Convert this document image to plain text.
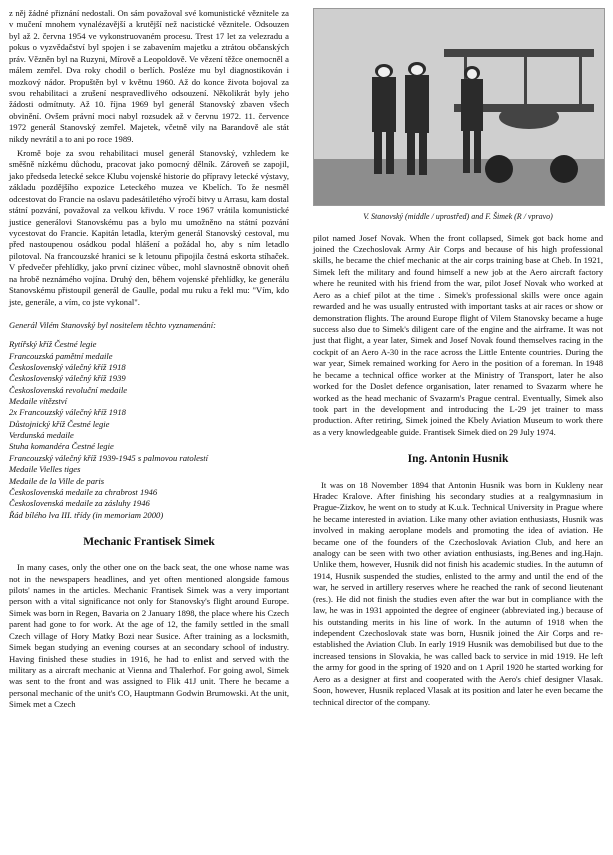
z něj žádné přiznání nedostali. On sám považoval své komunistické věznitele za v mučení mnohem vynalézavější a krutější než nacistické věznitele. Odsouzen byl až 2. června 1954 ve vykonstruovaném procesu. Trest 17 let za velezradu a pokus o vyzvědačství byl spojen i se zabavením majetku a ztrátou občanských práv. Vězněn byl na Ruzyni, Mírově a Leopoldově. Ve vězení těžce onemocněl a málem zemřel. Dva roky chodil o berlích. Posléze mu byl diagnostikován i mozkový nádor. Propuštěn byl v květnu 1960. Až do konce života bojoval za svou rehabilitaci a zrušení nespravedlivého odsouzení. Několikrát byly jeho žádosti odmítnuty. Až 10. října 1969 byl generál Stanovský zbaven všech obvinění. Ovšem právní moci nabyl rozsudek až v červnu 1972. 11. července 1972 generál Stanovský zemřel. Majetek, včetně vily na Barandově ale stát nikdy nevrátil a to ani po roce 1989.

Kromě boje za svou rehabilitaci musel generál Stanovský, vzhledem ke směšně nízkému důchodu, pracovat jako pomocný dělník. Zároveň se zapojil, jako předseda letecké sekce Klubu vojenské historie do přípravy letecké výstavy, základu pozdějšího expozice Leteckého muzea ve Kbelích. To že nesměl odcestovat do Francie na oslavu padesátiletého výročí bitvy u Arrasu, kam dostal státní pozvání, považoval za velkou křivdu. V roce 1967 vrátila komunistické justice generálovi Stanovskému pas a bylo mu umožněno na státní pozvání vycestovat do Francie. Kapitán letadla, kterým generál Stanovský cestoval, mu před nastoupenou osádkou podal hlášení a požádal ho, aby s ním letadlo pilotoval. Na francouzské hranici se k letounu připojila čestná eskorta stíhaček. V předvečer přehlídky, jako první cizinec vůbec, mohl slavnostně obnovit oheň na hrobě neznámého vojína. Druhý den, během vojenské přehlídky, ke generálu Stanovskému přistoupil generál de Gaulle, podal mu ruku a řekl mu: "Vím, kdo jste, generále, a vím, co jste vykonal".

Generál Vilém Stanovský byl nositelem těchto vyznamenání:
Rytířský kříž Čestné legie
Francouzská pamětní medaile
Československý válečný kříž 1918
Československý válečný kříž 1939
Československá revoluční medaile
Medaile vítězství
2x Francouzský válečný kříž 1918
Důstojnický kříž Čestné legie
Verdunská medaile
Stuha komandéra Čestné legie
Francouzský válečný kříž 1939-1945 s palmovou ratolestí
Medaile Vielles tiges
Medaile de la Ville de paris
Československá medaile za chrabrost 1946
Československá medaile za zásluhy 1946
Řád bílého lva III. třídy (in memoriam 2000)
Mechanic Frantisek Simek

In many cases, only the other one on the back seat, the one whose name was not in the newspapers headlines, and yet often mentioned alongside famous pilots' names in the articles. Mechanic Frantisek Simek was a very important person with a vital significance not only for Stanovsky's flight around Europe. Simek was born in Regen, Bavaria on 2 January 1898, the place where his Czech parent had gone to for work. At the age of 12, the family settled in the small Czech village of Hory Matky Bozi near Susice. After training as a locksmith, Simek began studying an evening courses at an secondary school of industry. Having finished these studies in 1916, he had to enlist and served with the military as a aircraft mechanic at Vienna and Thalerhof. For going awol, Simek was sent to the front and was assigned to Flik 41J unit. There he became a personal mechanic of the unit's CO, Hauptmann Godwin Brumowski. At the unit, Simek met a Czech

V. Stanovský (middle / uprostřed) and F. Šimek (R / vpravo)

pilot named Josef Novak. When the front collapsed, Simek got back home and joined the Czechoslovak Army Air Corps and because of his high professional skills, he became the chief mechanic at the air corps training base at Cheb. In 1921, Simek left the military and found himself a new job at the Aero aircraft factory where he reunited with his friend from the war, pilot Josef Novak who worked at Aero as a chief pilot at the time . Simek's professional skills were once again rewarded and he was usually entrusted with important tasks at air races or show or demonstration flights. The around Europe flight of Vilem Stanovsky became a huge success also due to Simek's diligent care of the engine and the airframe. It was not just that flight, a year later, Simek and Josef Novak found themselves racing in the cockpit of an Aero A-30 in the race across the Little Entente countries. During the war year, Simek remained working for Aero in the position of a foreman. In 1948 he became a technical office worker at the Ministry of Transport, later he also worked for the Doslet defence organisation, later renamed to Svazarm where he worked as the head mechanic of Svazarm's Prague central. Eventually, Simek also took part in the development and introducing the L-29 jet trainer to mass production. After retiring, Simek joined the Kbely Aviation Museum to work there as a very knowledgeable guide. Frantisek Simek died on 29 July 1974.

Ing. Antonin Husnik

It was on 18 November 1894 that Antonin Husnik was born in Kukleny near Hradec Kralove. After finishing his secondary studies at a realgymnasium in Prague-Zizkov, he went on to study at K.u.k. Technical University in Prague where he became interested in aviation. Like many other aviation enthusiasts, Husnik was involved in making aeroplane models and promoting the idea of aviation. He became one of the founders of the Czechoslovak Aviation Club, and here an analogy can be seen with two other aviation enthusiasts, ing.Benes and ing.Hajn. Unlike them, however, Husnik did not finish his academic studies. In the autumn of 1914, Husnik suspended the studies, enlisted to the army and until the end of the war, he served in artillery reserves where he reached the rank of second lieutenant (res.). He did not finish the studies even after the war but in compliance with the law, he was in 1931 appointed the degree of engineer (abbreviated ing.) because of his outstanding merits in his line of work. In the autumn of 1918 when the independent Czechoslovak state was born, Husnik joined the Air Corps and re-established the Aviation Club. In early 1919 Husnik was demobilised but due to the increased tensions in Slovakia, he was called back to service in mid 1919. He left the army for good in the spring of 1920 and on 1 April 1920 he started working for Aero as a designer at first and cooperated with the Aero's chief designer Vlasak. Soon, however, Husnik replaced Vlasak at its position and later he even became the technical director of the company.
